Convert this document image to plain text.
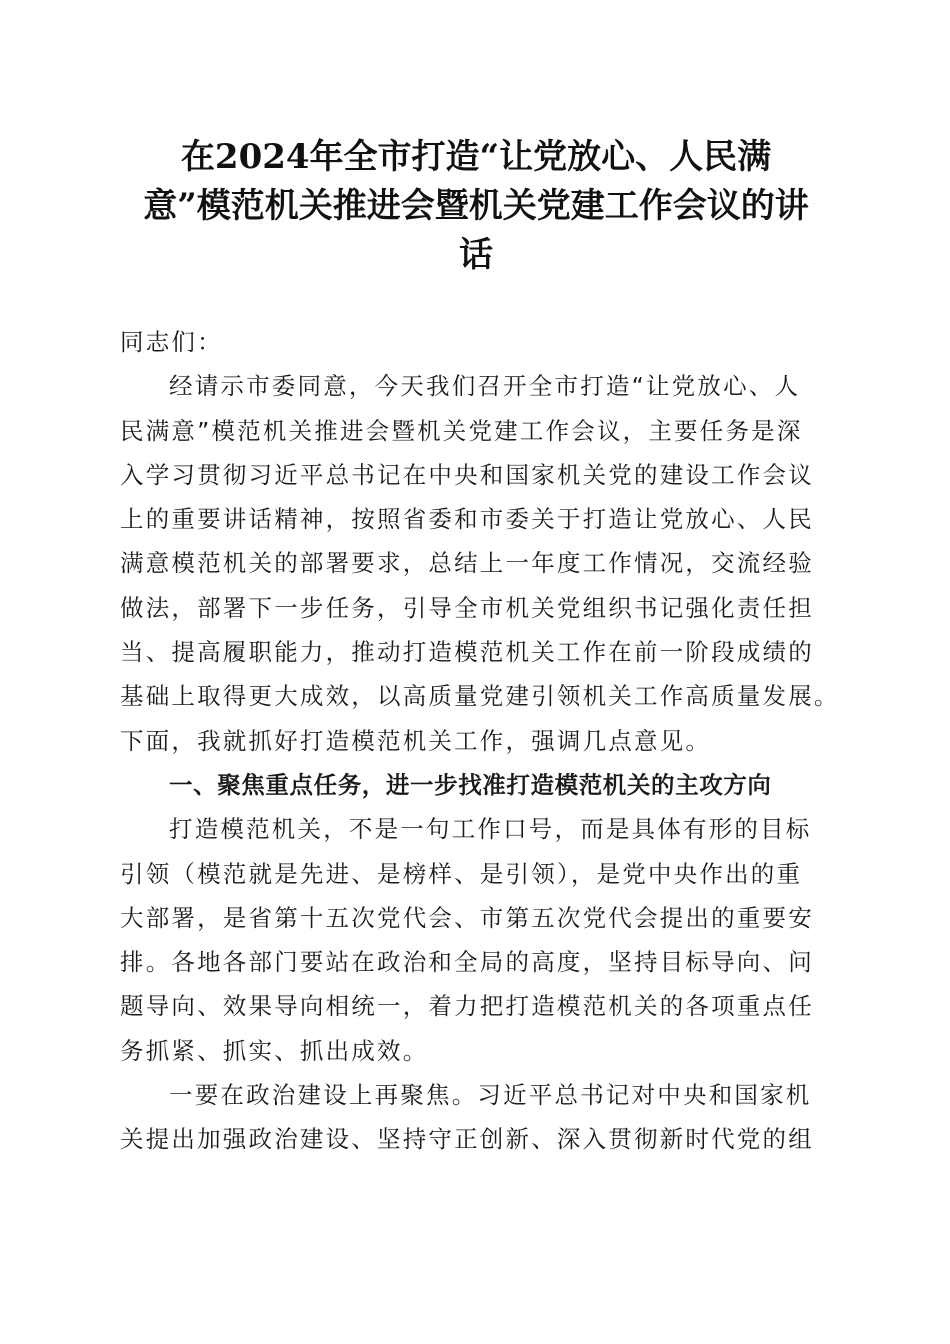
在2024年全市打造“让党放心、人民满
意”模范机关推进会暨机关党建工作会议的讲
话
同志们：
经请示市委同意，今天我们召开全市打造“让党放心、人
民满意”模范机关推进会暨机关党建工作会议，主要任务是深
入学习贯彻习近平总书记在中央和国家机关党的建设工作会议
上的重要讲话精神，按照省委和市委关于打造让党放心、人民
满意模范机关的部署要求，总结上一年度工作情况，交流经验
做法，部署下一步任务，引导全市机关党组织书记强化责任担
当、提高履职能力，推动打造模范机关工作在前一阶段成绩的
基础上取得更大成效，以高质量党建引领机关工作高质量发展。
下面，我就抓好打造模范机关工作，强调几点意见。
一、聚焦重点任务，进一步找准打造模范机关的主攻方向
打造模范机关，不是一句工作口号，而是具体有形的目标
引领（模范就是先进、是榜样、是引领），是党中央作出的重
大部署，是省第十五次党代会、市第五次党代会提出的重要安
排。各地各部门要站在政治和全局的高度，坚持目标导向、问
题导向、效果导向相统一，着力把打造模范机关的各项重点任
务抓紧、抓实、抓出成效。
一要在政治建设上再聚焦。习近平总书记对中央和国家机
关提出加强政治建设、坚持守正创新、深入贯彻新时代党的组
